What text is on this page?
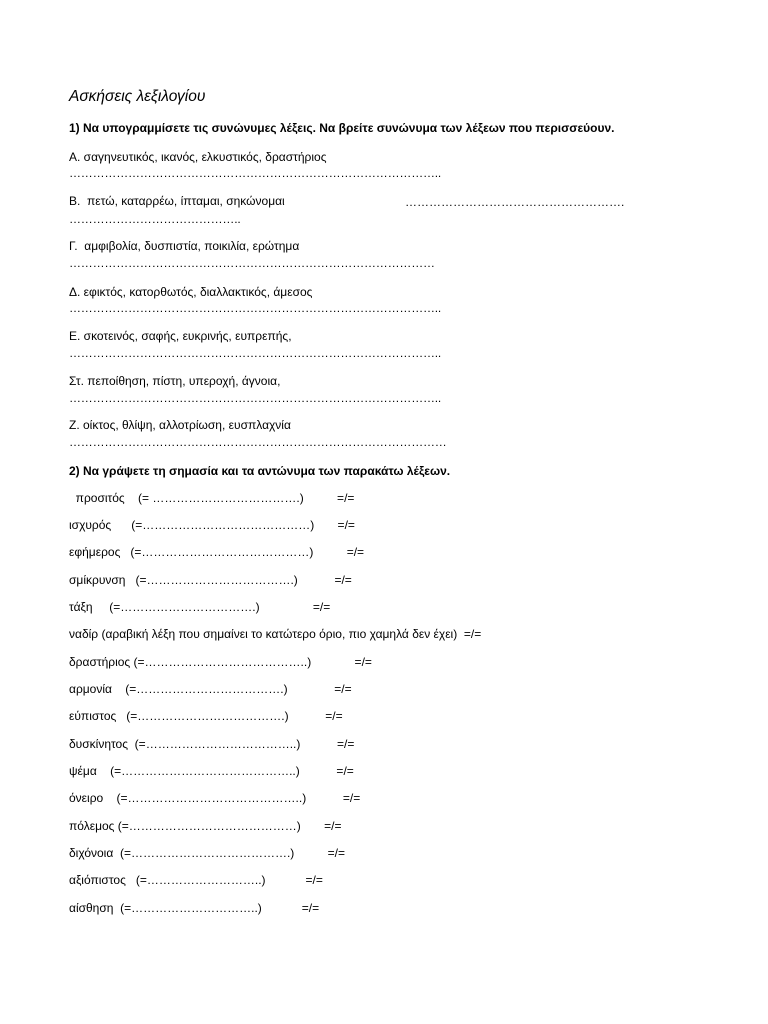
Ασκήσεις λεξιλογίου
1) Να υπογραμμίσετε τις συνώνυμες λέξεις. Να βρείτε συνώνυμα των λέξεων που περισσεύουν.
Α. σαγηνευτικός, ικανός, ελκυστικός, δραστήριος
…………………………………………………………………………………..
Β.  πετώ, καταρρέω, ίπταμαι, σηκώνομαι	……………………………………………….
……………………………………..
Γ.  αμφιβολία, δυσπιστία, ποικιλία, ερώτημα
…………………………………………………………………………………
Δ. εφικτός, κατορθωτός, διαλλακτικός, άμεσος
…………………………………………………………………………………..
Ε. σκοτεινός, σαφής, ευκρινής, ευπρεπής,
…………………………………………………………………………………..
Στ. πεποίθηση, πίστη, υπεροχή, άγνοια,
…………………………………………………………………………………..
Ζ. οίκτος, θλίψη, αλλοτρίωση, ευσπλαχνία
……………………………………………………………………………………
2) Να γράψετε τη σημασία και τα αντώνυμα των παρακάτω λέξεων.
προσιτός    (= ……………………………….)          =/=
ισχυρός      (=……………………………………)       =/=
εφήμερος   (=……………………………………)          =/=
σμίκρυνση   (=……………………………….)           =/=
τάξη     (=…………………………….)                =/=
ναδίρ (αραβική λέξη που σημαίνει το κατώτερο όριο, πιο χαμηλά δεν έχει)  =/=
δραστήριος (=…………………………………..)             =/=
αρμονία    (=……………………………….)              =/=
εύπιστος   (=……………………………….)           =/=
δυσκίνητος  (=………………………………..)           =/=
ψέμα    (=……………………………………..)           =/=
όνειρο    (=……………………………………..)           =/=
πόλεμος (=……………………………………)       =/=
διχόνοια  (=………………………………….)          =/=
αξιόπιστος   (=………………………..)            =/=
αίσθηση  (=…………………………..)            =/=
